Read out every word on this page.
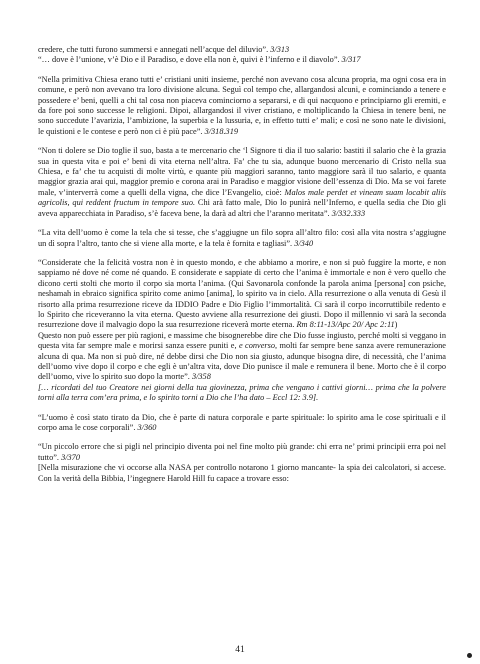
credere, che tutti furono summersi e annegati nell’acque del diluvio”. 3/313
“… dove è l’unione, v’è Dio e il Paradiso, e dove ella non è, quivi è l’inferno e il diavolo”. 3/317

“Nella primitiva Chiesa erano tutti e’ cristiani uniti insieme, perché non avevano cosa alcuna propria, ma ogni cosa era in comune, e però non avevano tra loro divisione alcuna. Seguì col tempo che, allargandosi alcuni, e cominciando a tenere e possedere e’ beni, quelli a chi tal cosa non piaceva cominciorno a separarsi, e di qui nacquono e principiarno gli eremiti, e da fore poi sono successe le religioni. Dipoi, allargandosi il viver cristiano, e moltiplicando la Chiesa in tenere beni, ne sono succedute l’avarizia, l’ambizione, la superbia e la lussuria, e, in effetto tutti e’ mali; e così ne sono nate le divisioni, le quistioni e le contese e però non ci è più pace”. 3/318.319

“Non ti dolere se Dio toglie il suo, basta a te mercenario che ‘l Signore ti dia il tuo salario: bastiti il salario che è la grazia sua in questa vita e poi e’ beni di vita eterna nell’altra. Fa’ che tu sia, adunque buono mercenario di Cristo nella sua Chiesa, e fa’ che tu acquisti di molte virtù, e quante più maggiori saranno, tanto maggiore sarà il tuo salario, e quanta maggior grazia arai qui, maggior premio e corona arai in Paradiso e maggior visione dell’essenza di Dio. Ma se voi farete male, v’interverrà come a quelli della vigna, che dice l’Evangelio, cioè: Malos male perdet et vineam suam locabit aliis agricolis, qui reddent fructum in tempore suo. Chi arà fatto male, Dio lo punirà nell’Inferno, e quella sedia che Dio gli aveva apparecchiata in Paradiso, s’è faceva bene, la darà ad altri che l’aranno meritata”. 3/332.333

“La vita dell’uomo è come la tela che si tesse, che s’aggiugne un filo sopra all’altro filo: così alla vita nostra s’aggiugne un dì sopra l’altro, tanto che si viene alla morte, e la tela è fornita e tagliasi”. 3/340

“Considerate che la felicità vostra non è in questo mondo, e che abbiamo a morire, e non si può fuggire la morte, e non sappiamo né dove né come né quando. E considerate e sappiate di certo che l’anima è immortale e non è vero quello che dicono certi stolti che morto il corpo sia morta l’anima. (Qui Savonarola confonde la parola anima [persona] con psiche, neshamah in ebraico significa spirito come animo [anima], lo spirito va in cielo. Alla resurrezione o alla venuta di Gesù il risorto alla prima resurrezione riceve da IDDIO Padre e Dio Figlio l’immortalità. Ci sarà il corpo incorruttibile redento e lo Spirito che riceveranno la vita eterna. Questo avviene alla resurrezione dei giusti. Dopo il millennio vi sarà la seconda resurrezione dove il malvagio dopo la sua resurrezione riceverà morte eterna. Rm 8:11-13/Apc 20/ Apc 2:11)
Questo non può essere per più ragioni, e massime che bisognerebbe dire che Dio fusse ingiusto, perché molti si veggano in questa vita far sempre male e morirsi sanza essere puniti e, e converso, molti far sempre bene sanza avere remunerazione alcuna di qua. Ma non si può dire, né debbe dirsi che Dio non sia giusto, adunque bisogna dire, di necessità, che l’anima dell’uomo vive dopo il corpo e che egli è un’altra vita, dove Dio punisce il male e remunera il bene. Morto che è il corpo dell’uomo, vive lo spirito suo dopo la morte”. 3/358
[… ricordati del tuo Creatore nei giorni della tua giovinezza, prima che vengano i cattivi giorni… prima che la polvere torni alla terra com’era prima, e lo spirito torni a Dio che l’ha dato – Eccl 12: 3.9].

“L’uomo è così stato tirato da Dio, che è parte di natura corporale e parte spirituale: lo spirito ama le cose spirituali e il corpo ama le cose corporali”. 3/360

“Un piccolo errore che si pigli nel principio diventa poi nel fine molto più grande: chi erra ne’ primi principii erra poi nel tutto”. 3/370
[Nella misurazione che vi occorse alla NASA per controllo notarono 1 giorno mancante- la spia dei calcolatori, si accese. Con la verità della Bibbia, l’ingegnere Harold Hill fu capace a trovare esso:

41
